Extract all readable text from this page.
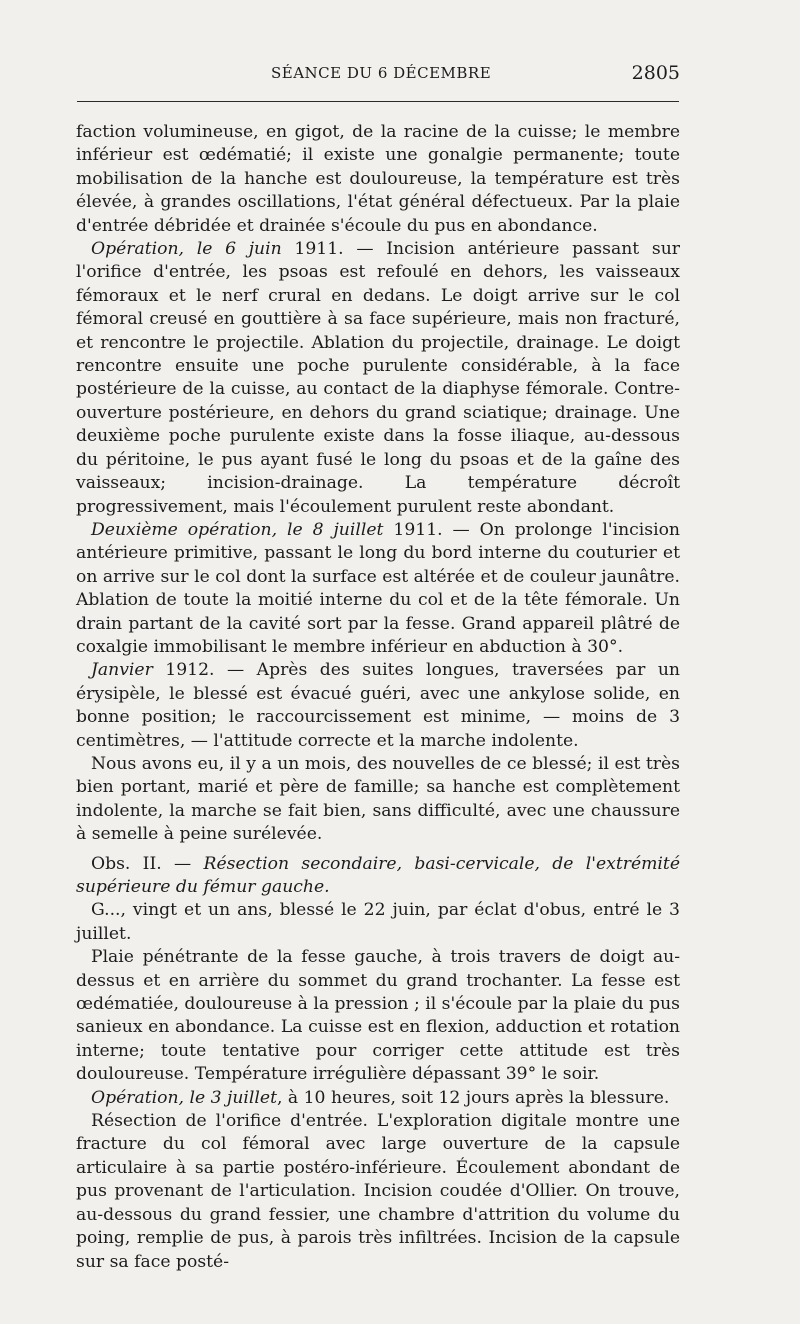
SÉANCE DU 6 DÉCEMBRE	2805

faction volumineuse, en gigot, de la racine de la cuisse; le membre inférieur est œdématié; il existe une gonalgie permanente; toute mobilisation de la hanche est douloureuse, la température est très élevée, à grandes oscillations, l'état général défectueux. Par la plaie d'entrée débridée et drainée s'écoule du pus en abondance.

Opération, le 6 juin 1911. — Incision antérieure passant sur l'orifice d'entrée, les psoas est refoulé en dehors, les vaisseaux fémoraux et le nerf crural en dedans. Le doigt arrive sur le col fémoral creusé en gouttière à sa face supérieure, mais non fracturé, et rencontre le projectile. Ablation du projectile, drainage. Le doigt rencontre ensuite une poche purulente considérable, à la face postérieure de la cuisse, au contact de la diaphyse fémorale. Contre-ouverture postérieure, en dehors du grand sciatique; drainage. Une deuxième poche purulente existe dans la fosse iliaque, au-dessous du péritoine, le pus ayant fusé le long du psoas et de la gaîne des vaisseaux; incision-drainage. La température décroît progressivement, mais l'écoulement purulent reste abondant.

Deuxième opération, le 8 juillet 1911. — On prolonge l'incision antérieure primitive, passant le long du bord interne du couturier et on arrive sur le col dont la surface est altérée et de couleur jaunâtre. Ablation de toute la moitié interne du col et de la tête fémorale. Un drain partant de la cavité sort par la fesse. Grand appareil plâtré de coxalgie immobilisant le membre inférieur en abduction à 30°.

Janvier 1912. — Après des suites longues, traversées par un érysipèle, le blessé est évacué guéri, avec une ankylose solide, en bonne position; le raccourcissement est minime, — moins de 3 centimètres, — l'attitude correcte et la marche indolente.

Nous avons eu, il y a un mois, des nouvelles de ce blessé; il est très bien portant, marié et père de famille; sa hanche est complètement indolente, la marche se fait bien, sans difficulté, avec une chaussure à semelle à peine surélevée.

Obs. II. — Résection secondaire, basi-cervicale, de l'extrémité supérieure du fémur gauche.

G..., vingt et un ans, blessé le 22 juin, par éclat d'obus, entré le 3 juillet.

Plaie pénétrante de la fesse gauche, à trois travers de doigt au-dessus et en arrière du sommet du grand trochanter. La fesse est œdématiée, douloureuse à la pression ; il s'écoule par la plaie du pus sanieux en abondance. La cuisse est en flexion, adduction et rotation interne; toute tentative pour corriger cette attitude est très douloureuse. Température irrégulière dépassant 39° le soir.

Opération, le 3 juillet, à 10 heures, soit 12 jours après la blessure.

Résection de l'orifice d'entrée. L'exploration digitale montre une fracture du col fémoral avec large ouverture de la capsule articulaire à sa partie postéro-inférieure. Écoulement abondant de pus provenant de l'articulation. Incision coudée d'Ollier. On trouve, au-dessous du grand fessier, une chambre d'attrition du volume du poing, remplie de pus, à parois très infiltrées. Incision de la capsule sur sa face posté-
